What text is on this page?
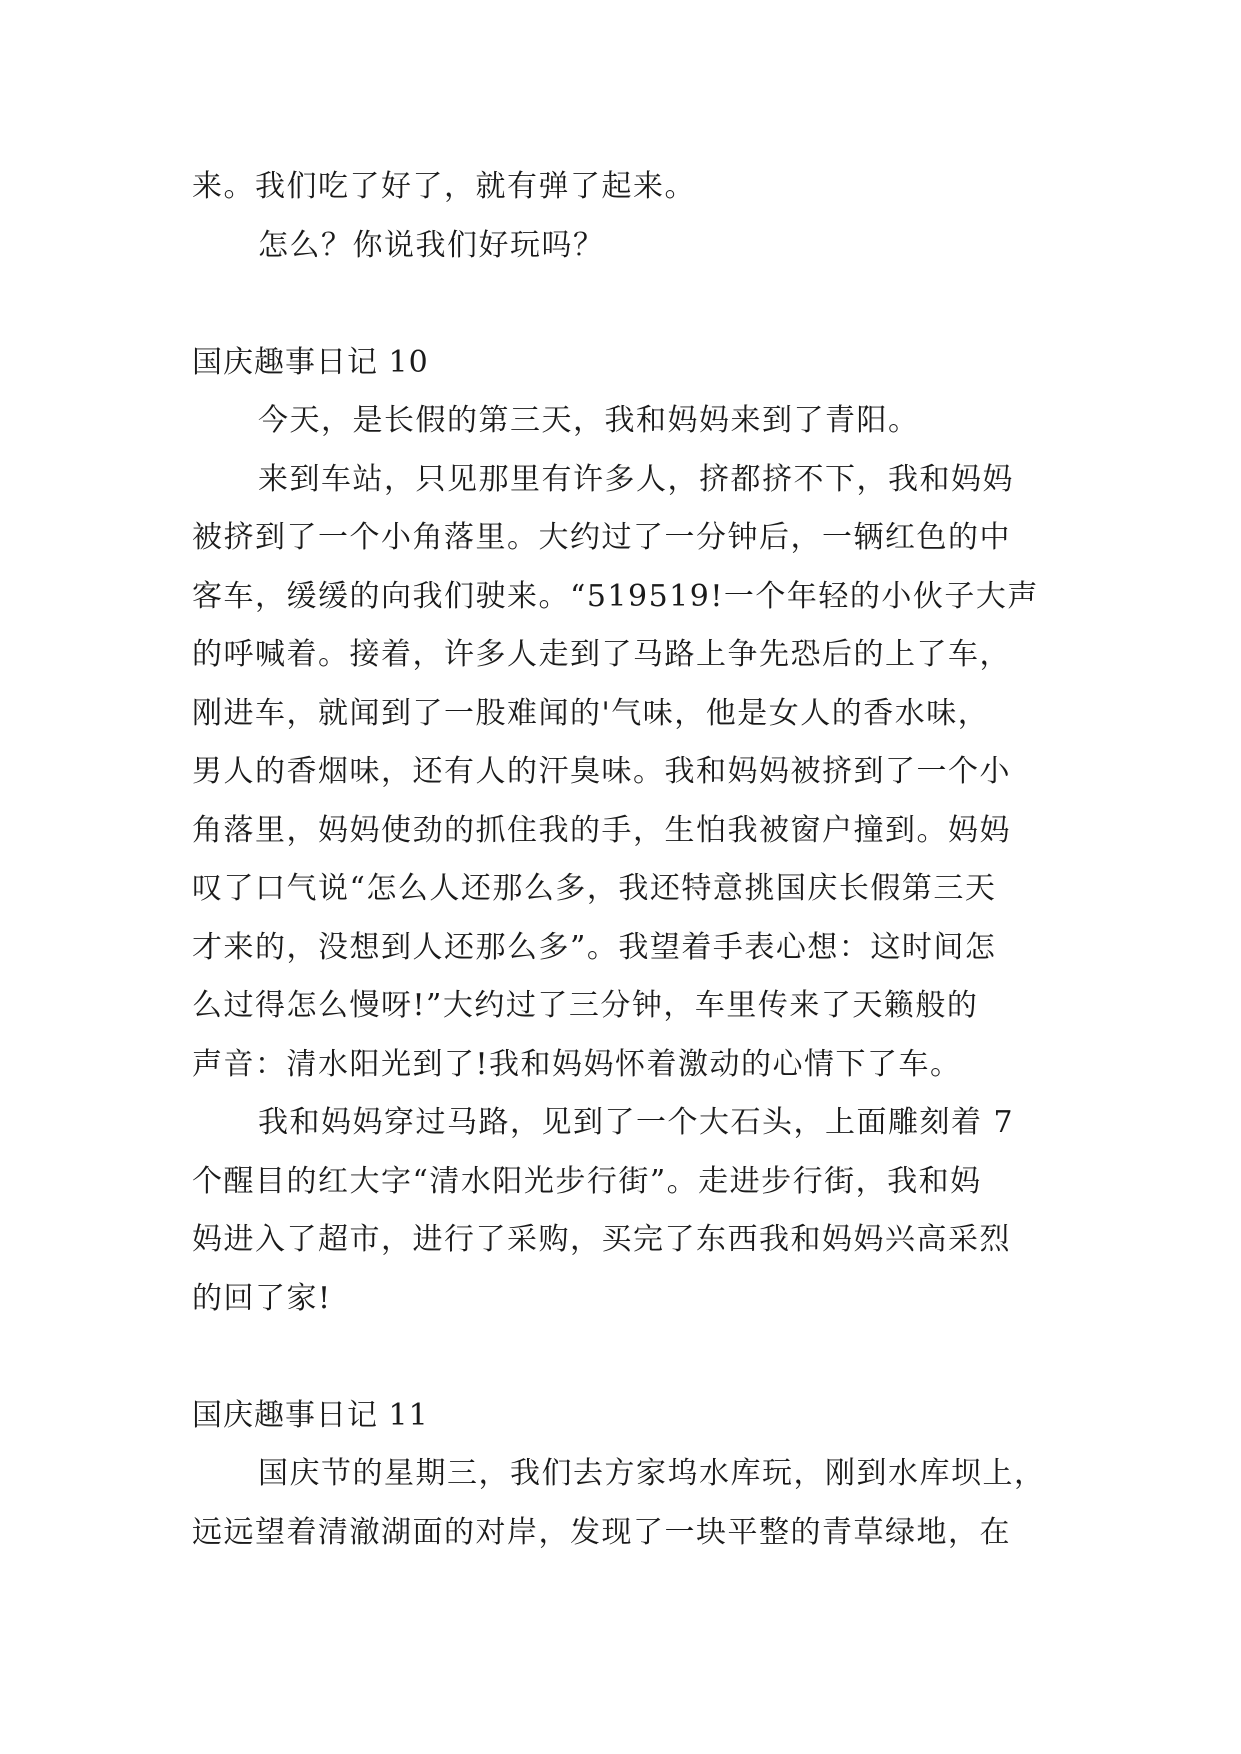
来。我们吃了好了，就有弹了起来。
怎么？你说我们好玩吗？
国庆趣事日记 10
今天，是长假的第三天，我和妈妈来到了青阳。
来到车站，只见那里有许多人，挤都挤不下，我和妈妈
被挤到了一个小角落里。大约过了一分钟后，一辆红色的中
客车，缓缓的向我们驶来。“519519!一个年轻的小伙子大声
的呼喊着。接着，许多人走到了马路上争先恐后的上了车，
刚进车，就闻到了一股难闻的'气味，他是女人的香水味，
男人的香烟味，还有人的汗臭味。我和妈妈被挤到了一个小
角落里，妈妈使劲的抓住我的手，生怕我被窗户撞到。妈妈
叹了口气说“怎么人还那么多，我还特意挑国庆长假第三天
才来的，没想到人还那么多”。我望着手表心想：这时间怎
么过得怎么慢呀!”大约过了三分钟，车里传来了天籁般的
声音：清水阳光到了!我和妈妈怀着激动的心情下了车。
我和妈妈穿过马路，见到了一个大石头，上面雕刻着 7
个醒目的红大字“清水阳光步行街”。走进步行街，我和妈
妈进入了超市，进行了采购，买完了东西我和妈妈兴高采烈
的回了家!
国庆趣事日记 11
国庆节的星期三，我们去方家坞水库玩，刚到水库坝上，
远远望着清澈湖面的对岸，发现了一块平整的青草绿地，在
